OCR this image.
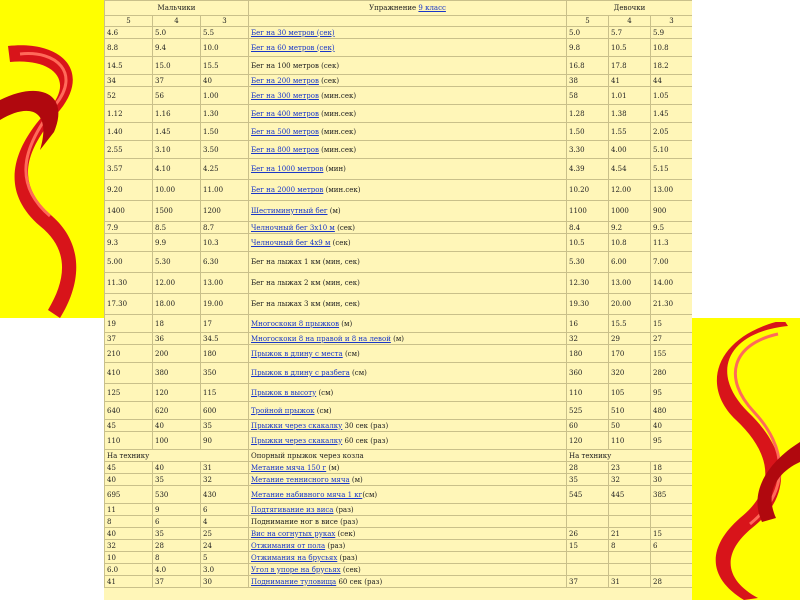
Мальчики			Упражнение 9 класс	Девочки		
5	4	3		5	4	3
4.6	5.0	5.5	Бег на 30 метров (сек)	5.0	5.7	5.9
8.8	9.4	10.0	Бег на 60 метров (сек)	9.8	10.5	10.8
14.5	15.0	15.5	Бег на 100 метров (сек)	16.8	17.8	18.2
34	37	40	Бег на 200 метров (сек)	38	41	44
52	56	1.00	Бег на 300 метров (мин.сек)	58	1.01	1.05
1.12	1.16	1.30	Бег на 400 метров (мин.сек)	1.28	1.38	1.45
1.40	1.45	1.50	Бег на 500 метров (мин.сек)	1.50	1.55	2.05
2.55	3.10	3.50	Бег на 800 метров (мин.сек)	3.30	4.00	5.10
3.57	4.10	4.25	Бег на 1000 метров (мин)	4.39	4.54	5.15
9.20	10.00	11.00	Бег на 2000 метров (мин.сек)	10.20	12.00	13.00
1400	1500	1200	Шестиминутный бег (м)	1100	1000	900
7.9	8.5	8.7	Челночный бег 3х10 м (сек)	8.4	9.2	9.5
9.3	9.9	10.3	Челночный бег 4х9 м (сек)	10.5	10.8	11.3
5.00	5.30	6.30	Бег на лыжах 1 км (мин, сек)	5.30	6.00	7.00
11.30	12.00	13.00	Бег на лыжах 2 км (мин, сек)	12.30	13.00	14.00
17.30	18.00	19.00	Бег на лыжах 3 км (мин, сек)	19.30	20.00	21.30
19	18	17	Многоскоки 8 прыжков (м)	16	15.5	15
37	36	34.5	Многоскоки 8 на правой и 8 на левой (м)	32	29	27
210	200	180	Прыжок в длину с места (см)	180	170	155
410	380	350	Прыжок в длину с разбега (см)	360	320	280
125	120	115	Прыжок в высоту (см)	110	105	95
640	620	600	Тройной прыжок (см)	525	510	480
45	40	35	Прыжки через скакалку 30 сек (раз)	60	50	40
110	100	90	Прыжки через скакалку 60 сек (раз)	120	110	95
На технику			Опорный прыжок через козла	На технику		
45	40	31	Метание мяча 150 г (м)	28	23	18
40	35	32	Метание теннисного мяча (м)	35	32	30
695	530	430	Метание набивного мяча 1 кг(см)	545	445	385
11	9	6	Подтягивание из виса (раз)			
8	6	4	Поднимание ног в висе (раз)			
40	35	25	Вис на согнутых руках (сек)	26	21	15
32	28	24	Отжимания от пола (раз)	15	8	6
10	8	5	Отжимания на брусьях (раз)			
6.0	4.0	3.0	Угол в упоре на брусьях (сек)			
41	37	30	Поднимание туловища 60 сек (раз)	37	31	28
